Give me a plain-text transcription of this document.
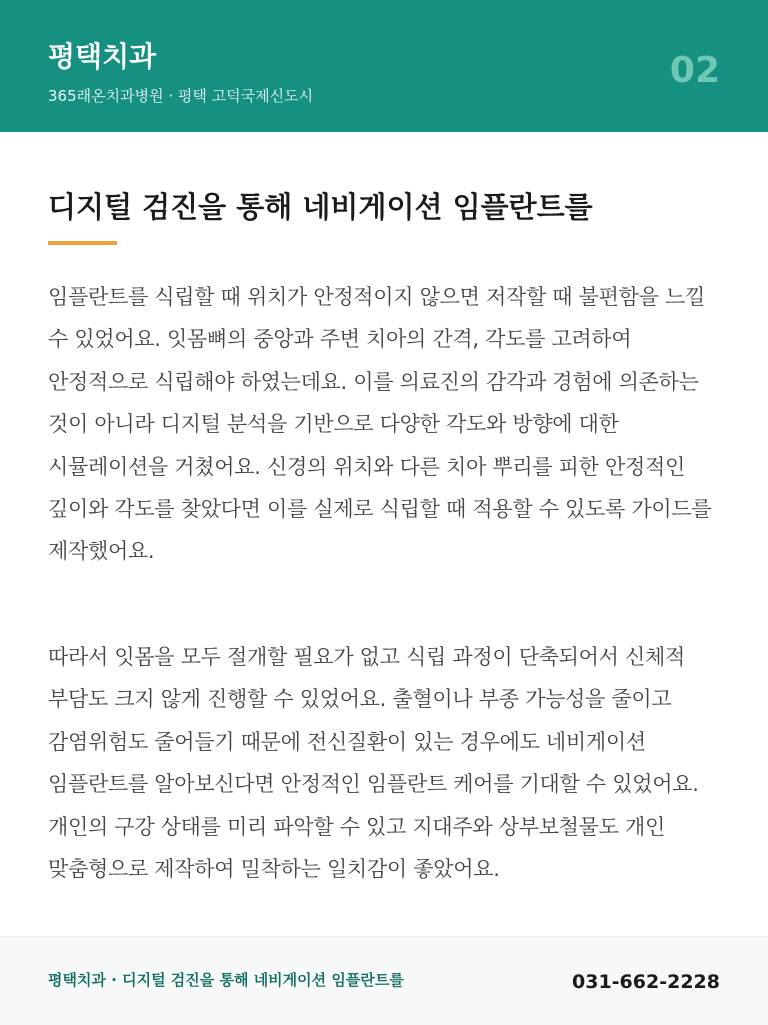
평택치과
365래온치과병원 · 평택 고덕국제신도시
02
디지털 검진을 통해 네비게이션 임플란트를

임플란트를 식립할 때 위치가 안정적이지 않으면 저작할 때 불편함을 느낄 수 있었어요. 잇몸뼈의 중앙과 주변 치아의 간격, 각도를 고려하여 안정적으로 식립해야 하였는데요. 이를 의료진의 감각과 경험에 의존하는 것이 아니라 디지털 분석을 기반으로 다양한 각도와 방향에 대한 시뮬레이션을 거쳤어요. 신경의 위치와 다른 치아 뿌리를 피한 안정적인 깊이와 각도를 찾았다면 이를 실제로 식립할 때 적용할 수 있도록 가이드를 제작했어요.

따라서 잇몸을 모두 절개할 필요가 없고 식립 과정이 단축되어서 신체적 부담도 크지 않게 진행할 수 있었어요. 출혈이나 부종 가능성을 줄이고 감염위험도 줄어들기 때문에 전신질환이 있는 경우에도 네비게이션 임플란트를 알아보신다면 안정적인 임플란트 케어를 기대할 수 있었어요. 개인의 구강 상태를 미리 파악할 수 있고 지대주와 상부보철물도 개인 맞춤형으로 제작하여 밀착하는 일치감이 좋았어요.

평택치과 · 디지털 검진을 통해 네비게이션 임플란트를	031-662-2228
